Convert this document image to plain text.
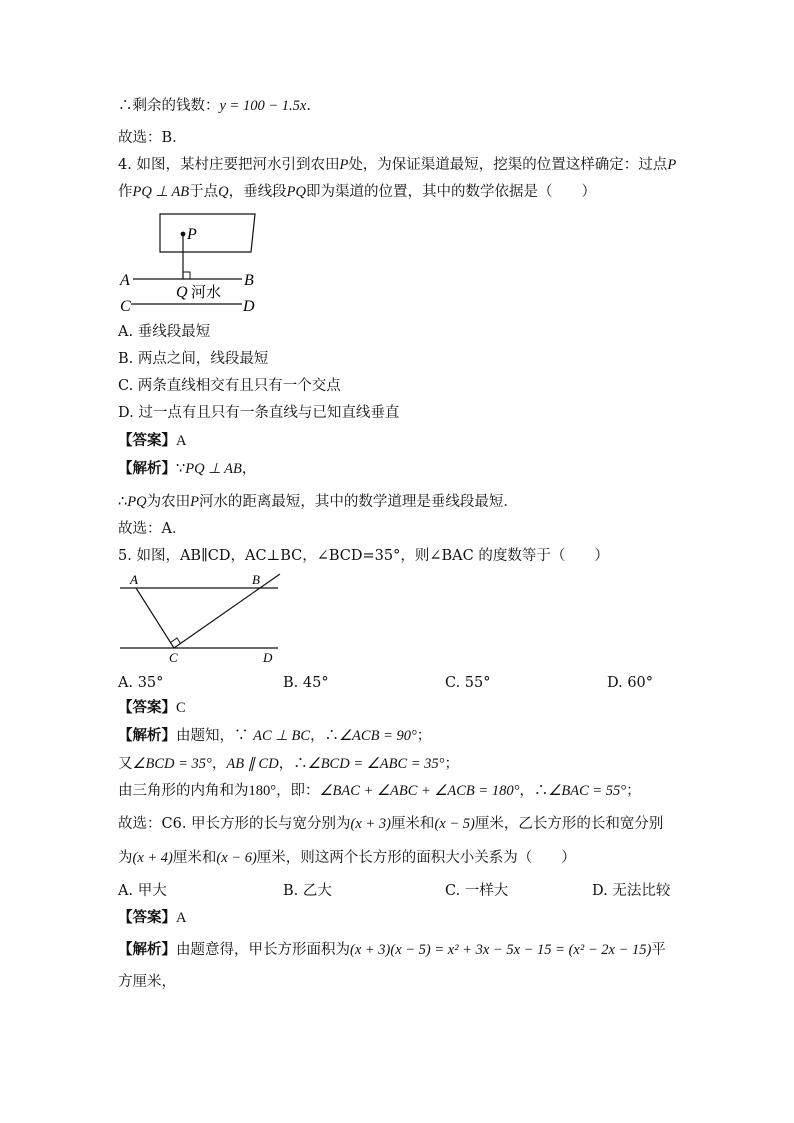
∴剩余的钱数：y = 100 − 1.5x.
故选：B．
4. 如图，某村庄要把河水引到农田P处，为保证渠道最短，挖渠的位置这样确定：过点P
作PQ ⊥ AB于点Q，垂线段PQ即为渠道的位置，其中的数学依据是（　　）
P
A	B
Q 河水
C	D
A. 垂线段最短
B. 两点之间，线段最短
C. 两条直线相交有且只有一个交点
D. 过一点有且只有一条直线与已知直线垂直
【答案】A
【解析】∵PQ ⊥ AB，
∴PQ为农田P河水的距离最短，其中的数学道理是垂线段最短．
故选：A．
5. 如图，AB∥CD，AC⊥BC，∠BCD=35°，则∠BAC 的度数等于（　　）
A	B
C	D
A. 35°	B. 45°	C. 55°	D. 60°
【答案】C
【解析】由题知，∵ AC ⊥ BC，∴∠ACB = 90°；
又∠BCD = 35°，AB ∥ CD，∴∠BCD = ∠ABC = 35°；
由三角形的内角和为180°，即：∠BAC + ∠ABC + ∠ACB = 180°，∴∠BAC = 55°；
故选：C6. 甲长方形的长与宽分别为(x + 3)厘米和(x − 5)厘米，乙长方形的长和宽分别
为(x + 4)厘米和(x − 6)厘米，则这两个长方形的面积大小关系为（　　）
A. 甲大	B. 乙大	C. 一样大	D. 无法比较
【答案】A
【解析】由题意得，甲长方形面积为(x + 3)(x − 5) = x² + 3x − 5x − 15 = (x² − 2x − 15)平
方厘米，
